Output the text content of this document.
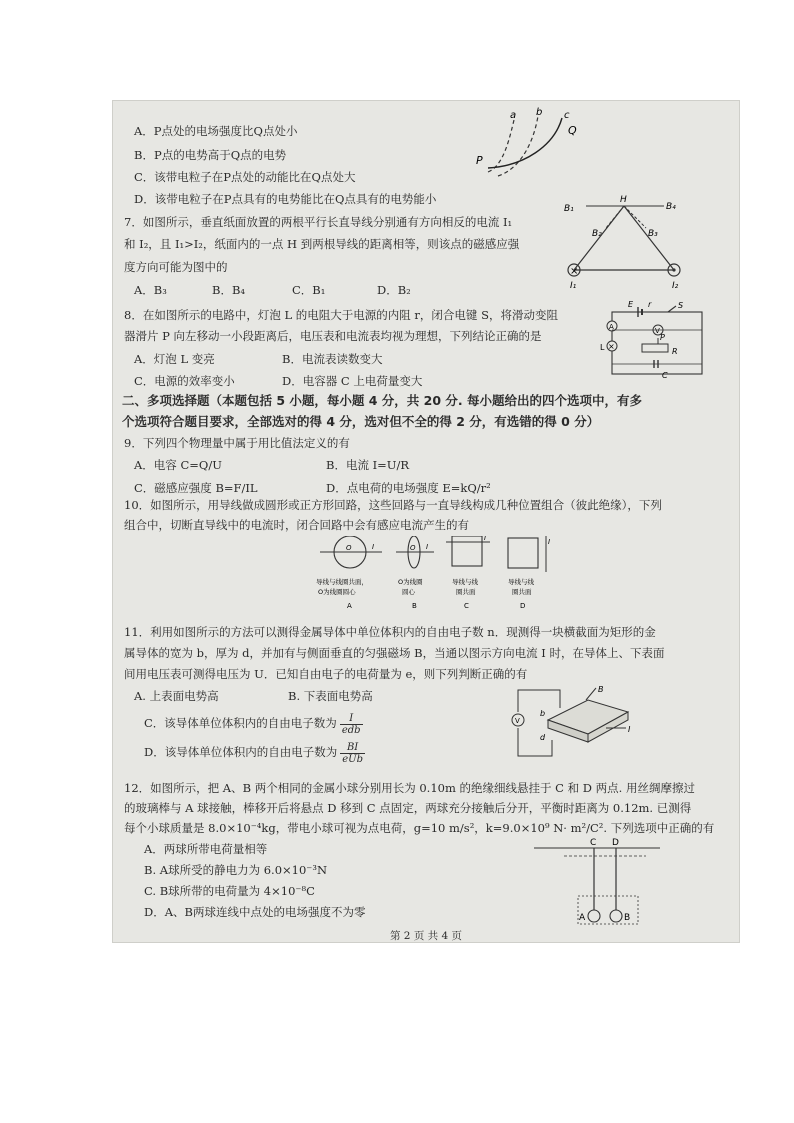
A．P点处的电场强度比Q点处小
B．P点的电势高于Q点的电势
C．该带电粒子在P点处的动能比在Q点处大
D．该带电粒子在P点具有的电势能比在Q点具有的电势能小
a b c
P
Q
7．如图所示，垂直纸面放置的两根平行长直导线分别通有方向相反的电流 I₁
和 I₂，且 I₁>I₂，纸面内的一点 H 到两根导线的距离相等，则该点的磁感应强
度方向可能为图中的
A．B₃	B．B₄	C．B₁	D．B₂
×
H
B₁	B₄
B₂	B₃
I₁	I₂
8．在如图所示的电路中，灯泡 L 的电阻大于电源的内阻 r，闭合电键 S，将滑动变阻
器滑片 P 向左移动一小段距离后，电压表和电流表均视为理想，下列结论正确的是
A．灯泡 L 变亮	B．电流表读数变大
C．电源的效率变小	D．电容器 C 上电荷量变大
A	V
×
E r	S
L
P
R
C
二、多项选择题（本题包括 5 小题，每小题 4 分，共 20 分. 每小题给出的四个选项中，有多
个选项符合题目要求，全部选对的得 4 分，选对但不全的得 2 分，有选错的得 0 分）
9．下列四个物理量中属于用比值法定义的有
A．电容 C=Q/U	B．电流 I=U/R
C．磁感应强度 B=F/IL	D．点电荷的电场强度 E=kQ/r²
10．如图所示，用导线做成圆形或正方形回路，这些回路与一直导线构成几种位置组合（彼此绝缘），下列
组合中，切断直导线中的电流时，闭合回路中会有感应电流产生的有
O	I	O I
I	I
导线与线圈共面，
O为线圈圆心
A
O为线圈
圆心
B
导线与线
圈共面
C
导线与线
圈共面
D
11．利用如图所示的方法可以测得金属导体中单位体积内的自由电子数 n．现测得一块横截面为矩形的金
属导体的宽为 b，厚为 d，并加有与侧面垂直的匀强磁场 B，当通以图示方向电流 I 时，在导体上、下表面
间用电压表可测得电压为 U．已知自由电子的电荷量为 e，则下列判断正确的有
A. 上表面电势高	B. 下表面电势高
C．该导体单位体积内的自由电子数为 $\frac{I}{\text{edb}}$
D．该导体单位体积内的自由电子数为 $\frac{BI}{\text{eUb}}$
V
B
b
d
I
12．如图所示，把 A、B 两个相同的金属小球分别用长为 0.10m 的绝缘细线悬挂于 C 和 D 两点. 用丝绸摩擦过
的玻璃棒与 A 球接触，棒移开后将悬点 D 移到 C 点固定，两球充分接触后分开，平衡时距离为 0.12m. 已测得
每个小球质量是 8.0×10⁻⁴kg，带电小球可视为点电荷，g=10 m/s²，k=9.0×10⁹ N· m²/C². 下列选项中正确的有
A．两球所带电荷量相等
B. A球所受的静电力为 6.0×10⁻³N
C. B球所带的电荷量为 4×10⁻⁸C
D．A、B两球连线中点处的电场强度不为零
C D
A	B
第 2 页 共 4 页
